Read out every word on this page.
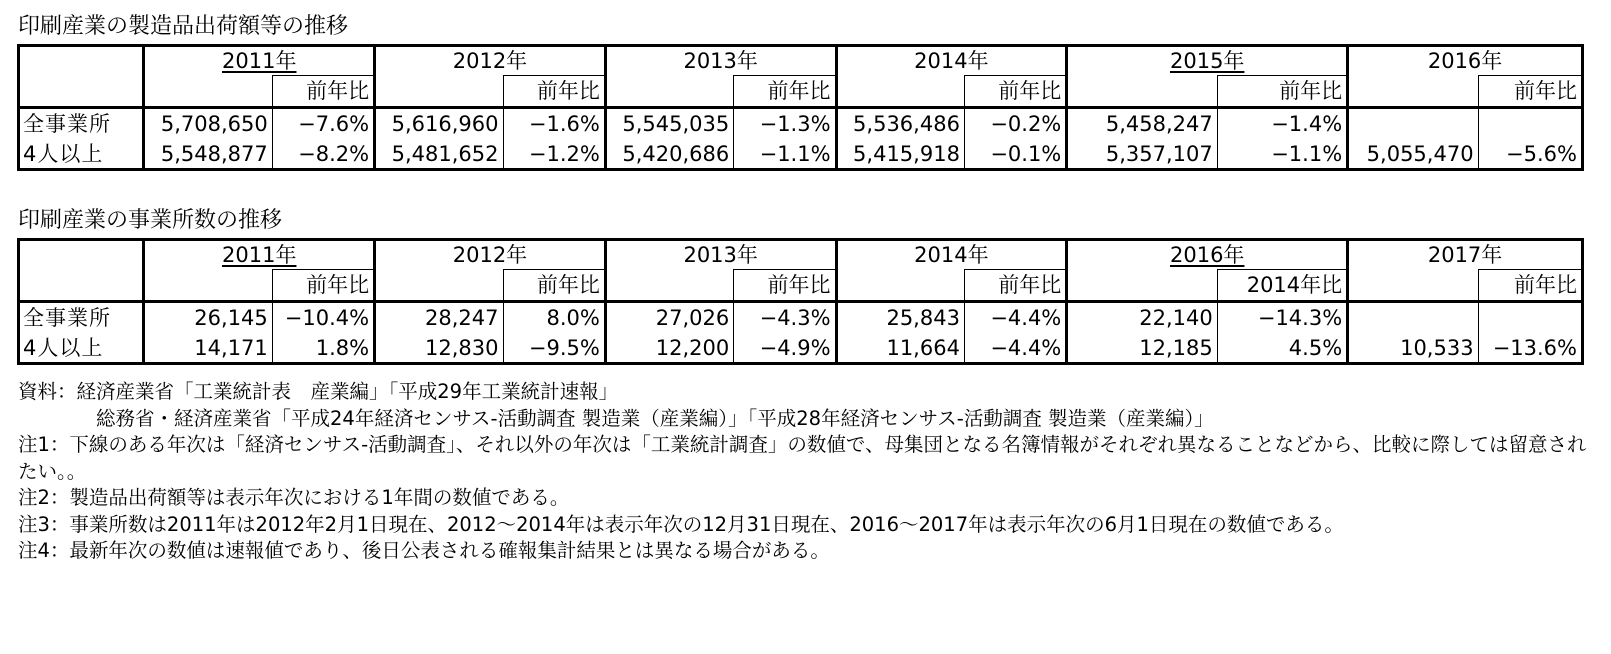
印刷産業の製造品出荷額等の推移
	2011年		2012年		2013年		2014年		2015年		2016年	
		前年比		前年比		前年比		前年比		前年比		前年比
全事業所	5,708,650	−7.6%	5,616,960	−1.6%	5,545,035	−1.3%	5,536,486	−0.2%	5,458,247	−1.4%		
4人以上	5,548,877	−8.2%	5,481,652	−1.2%	5,420,686	−1.1%	5,415,918	−0.1%	5,357,107	−1.1%	5,055,470	−5.6%
印刷産業の事業所数の推移
	2011年		2012年		2013年		2014年		2016年		2017年	
		前年比		前年比		前年比		前年比		2014年比		前年比
全事業所	26,145	−10.4%	28,247	8.0%	27,026	−4.3%	25,843	−4.4%	22,140	−14.3%		
4人以上	14,171	1.8%	12,830	−9.5%	12,200	−4.9%	11,664	−4.4%	12,185	4.5%	10,533	−13.6%

資料：経済産業省「工業統計表　産業編」「平成29年工業統計速報」

総務省・経済産業省「平成24年経済センサス-活動調査 製造業（産業編）」「平成28年経済センサス-活動調査 製造業（産業編）」

注1：下線のある年次は「経済センサス-活動調査」、それ以外の年次は「工業統計調査」の数値で、母集団となる名簿情報がそれぞれ異なることなどから、比較に際しては留意されたい。。

注2：製造品出荷額等は表示年次における1年間の数値である。

注3：事業所数は2011年は2012年2月1日現在、2012～2014年は表示年次の12月31日現在、2016～2017年は表示年次の6月1日現在の数値である。

注4：最新年次の数値は速報値であり、後日公表される確報集計結果とは異なる場合がある。
